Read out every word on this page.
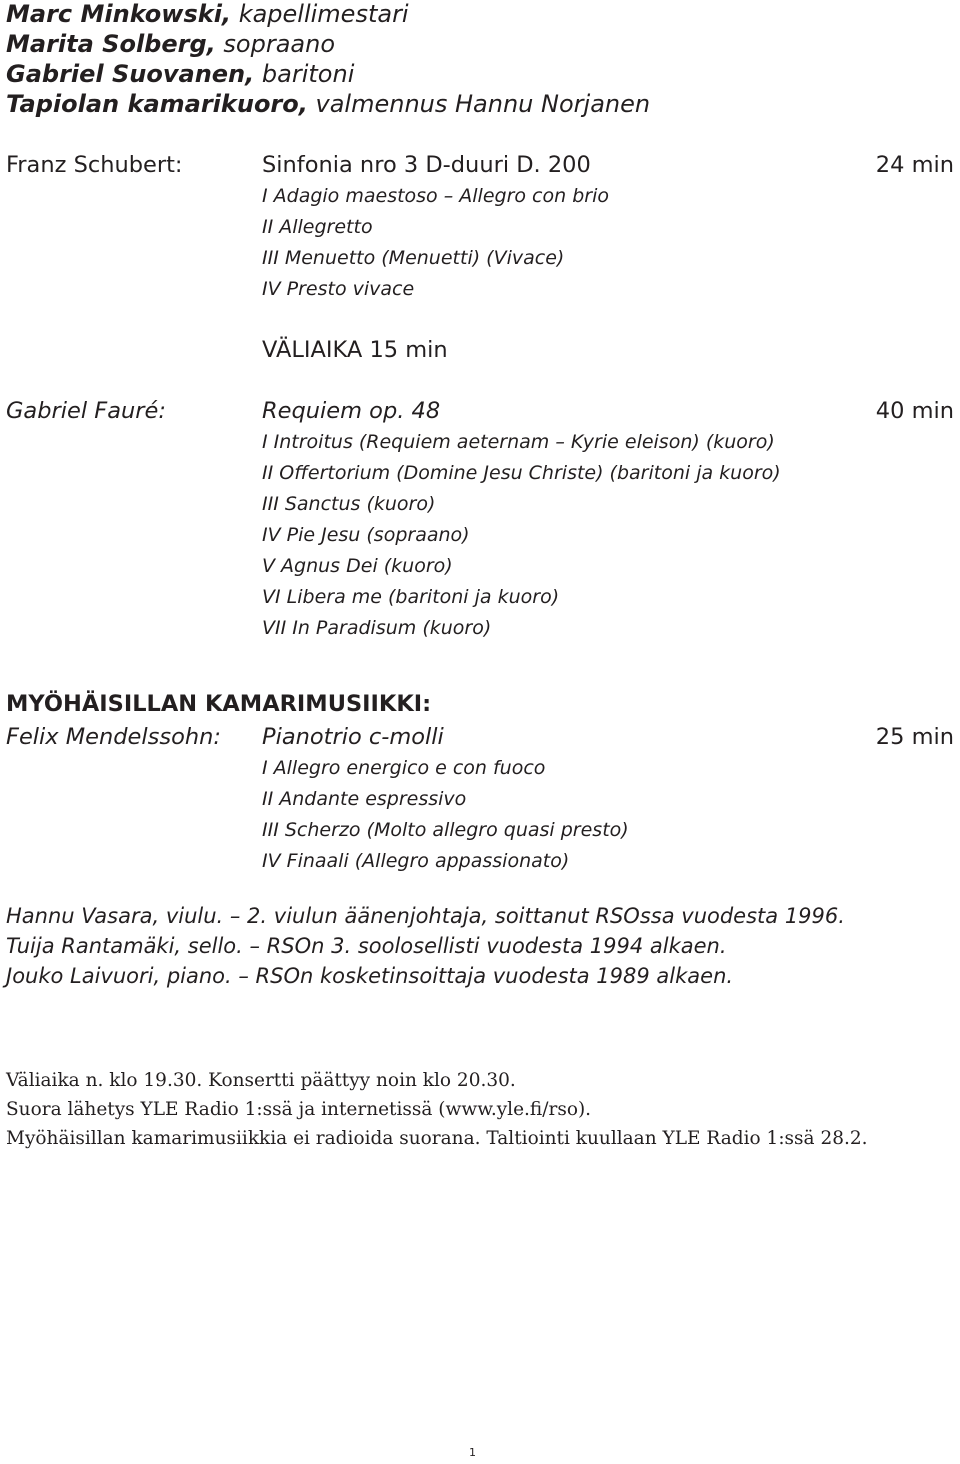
Marc Minkowski, kapellimestari
Marita Solberg, sopraano
Gabriel Suovanen, baritoni
Tapiolan kamarikuoro, valmennus Hannu Norjanen
Franz Schubert:	Sinfonia nro 3 D-duuri D. 200	24 min
I Adagio maestoso – Allegro con brio
II Allegretto
III Menuetto (Menuetti) (Vivace)
IV Presto vivace
VÄLIAIKA 15 min
Gabriel Fauré:	Requiem op. 48	40 min
I Introitus (Requiem aeternam – Kyrie eleison) (kuoro)
II Offertorium (Domine Jesu Christe) (baritoni ja kuoro)
III Sanctus (kuoro)
IV Pie Jesu (sopraano)
V Agnus Dei (kuoro)
VI Libera me (baritoni ja kuoro)
VII In Paradisum (kuoro)
MYÖHÄISILLAN KAMARIMUSIIKKI:
Felix Mendelssohn: Pianotrio c-molli	25 min
I Allegro energico e con fuoco
II Andante espressivo
III Scherzo (Molto allegro quasi presto)
IV Finaali (Allegro appassionato)
Hannu Vasara, viulu. – 2. viulun äänenjohtaja, soittanut RSOssa vuodesta 1996.
Tuija Rantamäki, sello. – RSOn 3. soolosellisti vuodesta 1994 alkaen.
Jouko Laivuori, piano. – RSOn kosketinsoittaja vuodesta 1989 alkaen.
Väliaika n. klo 19.30. Konsertti päättyy noin klo 20.30.
Suora lähetys YLE Radio 1:ssä ja internetissä (www.yle.fi/rso).
Myöhäisillan kamarimusiikkia ei radioida suorana. Taltiointi kuullaan YLE Radio 1:ssä 28.2.
1
